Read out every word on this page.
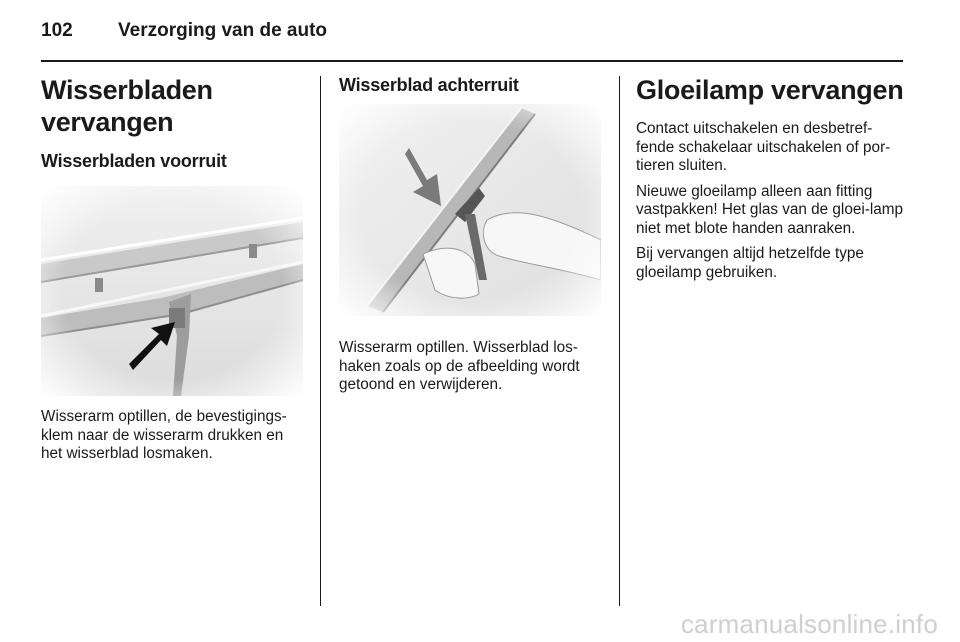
102 Verzorging van de auto
Wisserbladen vervangen
Wisserbladen voorruit

Wisserarm optillen, de bevestigings-klem naar de wisserarm drukken en het wisserblad losmaken.

Wisserblad achterruit

Wisserarm optillen. Wisserblad los-haken zoals op de afbeelding wordt getoond en verwijderen.

Gloeilamp vervangen

Contact uitschakelen en desbetref-fende schakelaar uitschakelen of por-tieren sluiten.

Nieuwe gloeilamp alleen aan fitting vastpakken! Het glas van de gloei-lamp niet met blote handen aanraken.

Bij vervangen altijd hetzelfde type gloeilamp gebruiken.

carmanualsonline.info
